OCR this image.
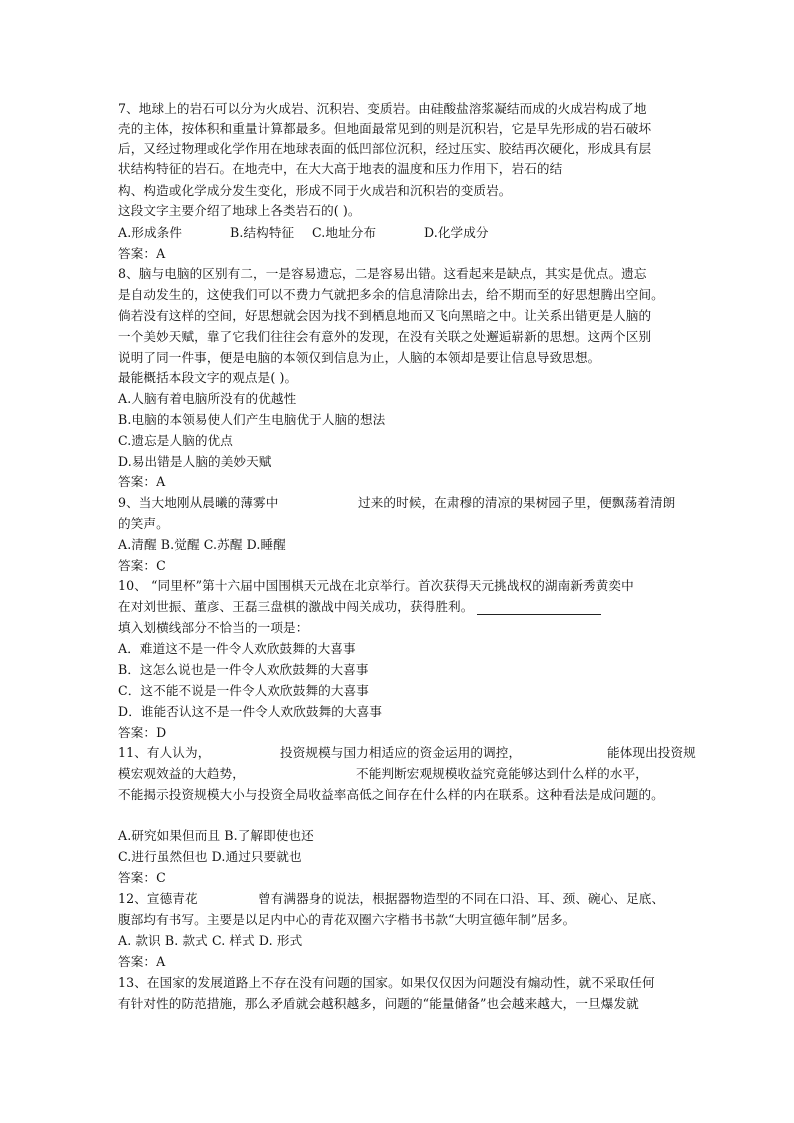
7、地球上的岩石可以分为火成岩、沉积岩、变质岩。由硅酸盐溶浆凝结而成的火成岩构成了地
壳的主体，按体积和重量计算都最多。但地面最常见到的则是沉积岩，它是早先形成的岩石破坏
后，又经过物理或化学作用在地球表面的低凹部位沉积，经过压实、胶结再次硬化，形成具有层
状结构特征的岩石。在地壳中，在大大高于地表的温度和压力作用下，岩石的结
构、构造或化学成分发生变化，形成不同于火成岩和沉积岩的变质岩。
这段文字主要介绍了地球上各类岩石的( )。
A.形成条件	B.结构特征 C.地址分布	D.化学成分
答案：A
8、脑与电脑的区别有二，一是容易遗忘，二是容易出错。这看起来是缺点，其实是优点。遗忘
是自动发生的，这使我们可以不费力气就把多余的信息清除出去，给不期而至的好思想腾出空间。
倘若没有这样的空间，好思想就会因为找不到栖息地而又飞向黑暗之中。让关系出错更是人脑的
一个美妙天赋，靠了它我们往往会有意外的发现，在没有关联之处邂逅崭新的思想。这两个区别
说明了同一件事，便是电脑的本领仅到信息为止，人脑的本领却是要让信息导致思想。
最能概括本段文字的观点是( )。
A.人脑有着电脑所没有的优越性
B.电脑的本领易使人们产生电脑优于人脑的想法
C.遗忘是人脑的优点
D.易出错是人脑的美妙天赋
答案：A
9、当大地刚从晨曦的薄雾中	过来的时候，在肃穆的清凉的果树园子里，便飘荡着清朗
的笑声。
A.清醒 B.觉醒 C.苏醒 D.睡醒
答案：C
10、 “同里杯”第十六届中国围棋天元战在北京举行。首次获得天元挑战权的湖南新秀黄奕中
在对刘世振、董彦、王磊三盘棋的激战中闯关成功，获得胜利。
填入划横线部分不恰当的一项是：
A．难道这不是一件令人欢欣鼓舞的大喜事
B．这怎么说也是一件令人欢欣鼓舞的大喜事
C．这不能不说是一件令人欢欣鼓舞的大喜事
D．谁能否认这不是一件令人欢欣鼓舞的大喜事
答案：D
11、有人认为，	投资规模与国力相适应的资金运用的调控，	能体现出投资规
模宏观效益的大趋势，	不能判断宏观规模收益究竟能够达到什么样的水平，
不能揭示投资规模大小与投资全局收益率高低之间存在什么样的内在联系。这种看法是成问题的。
A.研究如果但而且 B.了解即使也还
C.进行虽然但也 D.通过只要就也
答案：C
12、宣德青花	曾有满器身的说法，根据器物造型的不同在口沿、耳、颈、碗心、足底、
腹部均有书写。主要是以足内中心的青花双圈六字楷书书款“大明宣德年制”居多。
A. 款识 B. 款式 C. 样式 D. 形式
答案：A
13、在国家的发展道路上不存在没有问题的国家。如果仅仅因为问题没有煽动性，就不采取任何
有针对性的防范措施，那么矛盾就会越积越多，问题的“能量储备”也会越来越大，一旦爆发就
